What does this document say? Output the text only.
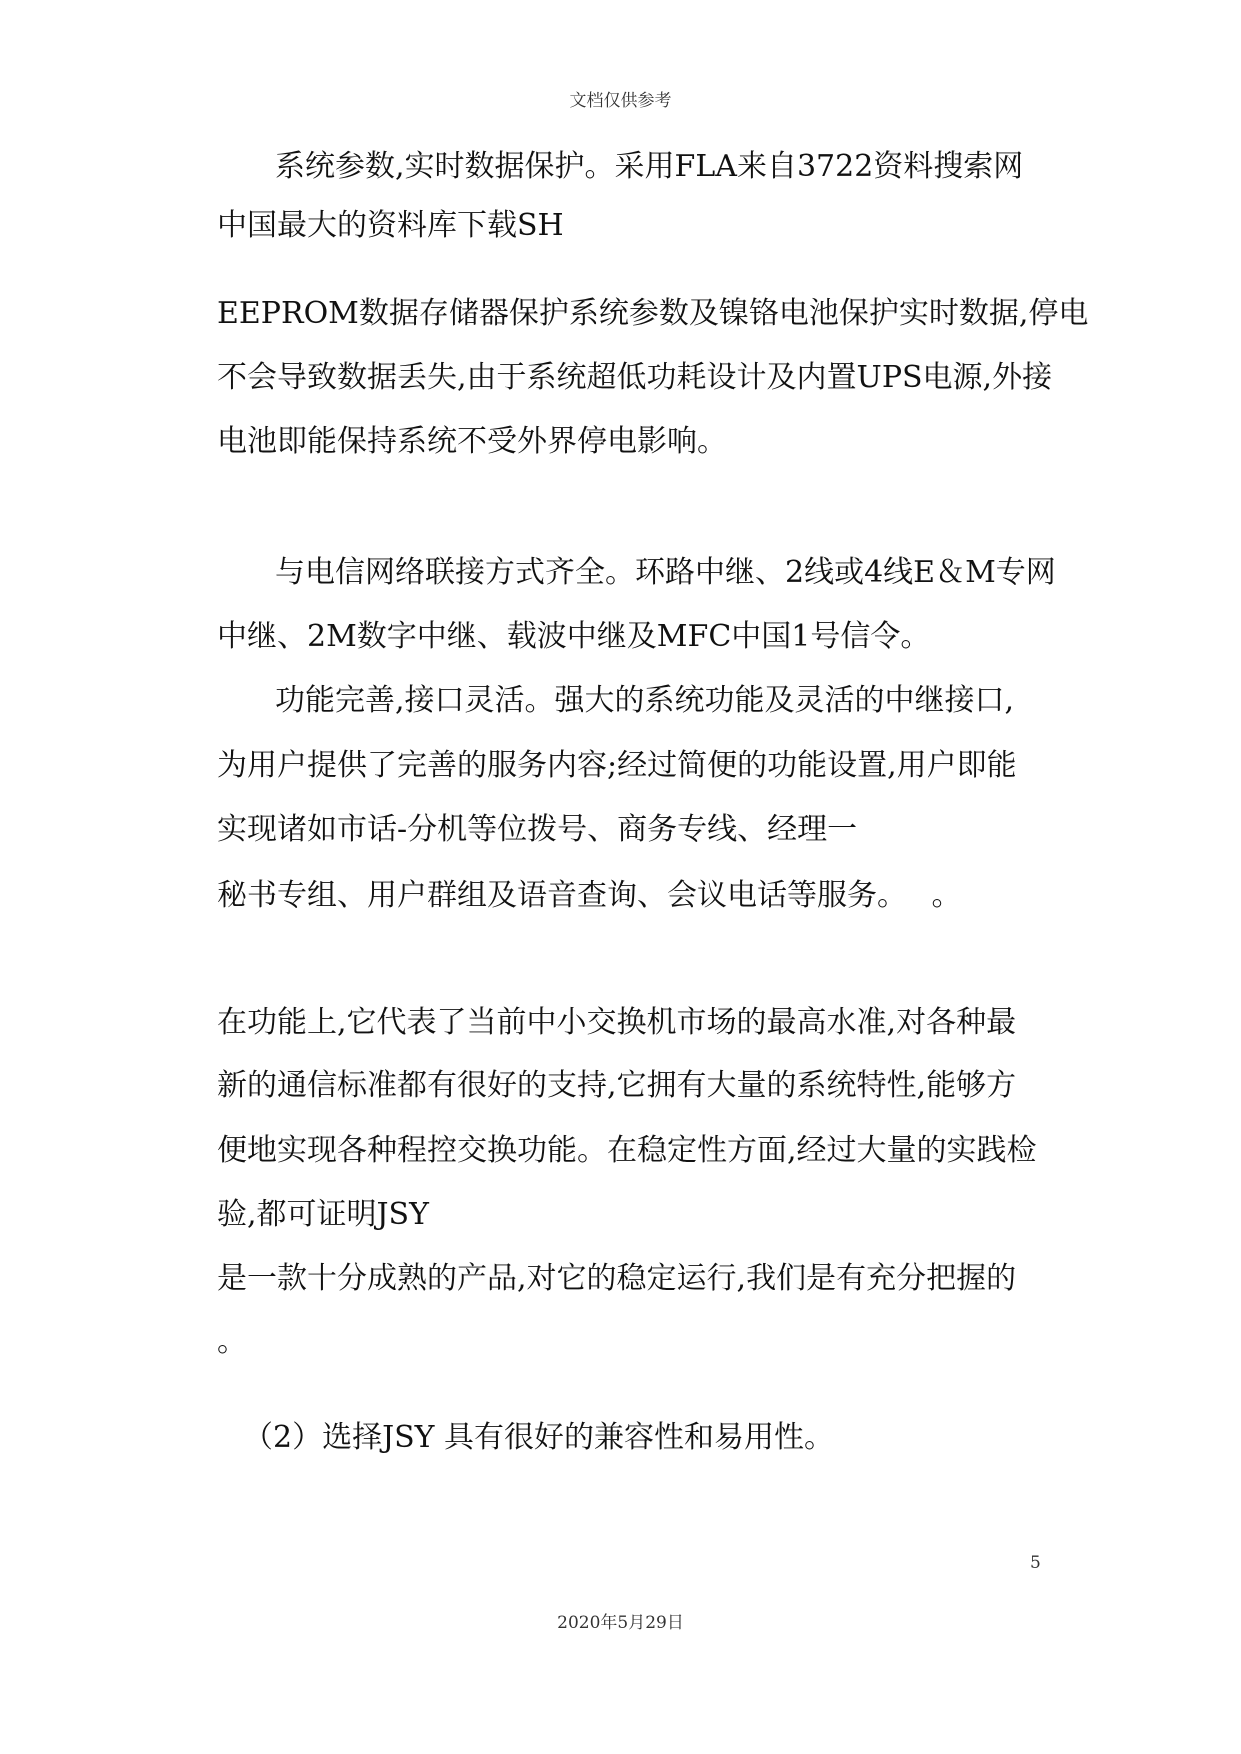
文档仅供参考
系统参数,实时数据保护。采用FLA来自3722资料搜索网
中国最大的资料库下载SH
EEPROM数据存储器保护系统参数及镍铬电池保护实时数据,停电
不会导致数据丢失,由于系统超低功耗设计及内置UPS电源,外接
电池即能保持系统不受外界停电影响。
与电信网络联接方式齐全。环路中继、2线或4线E＆M专网
中继、2M数字中继、载波中继及MFC中国1号信令。
功能完善,接口灵活。强大的系统功能及灵活的中继接口,
为用户提供了完善的服务内容;经过简便的功能设置,用户即能
实现诸如市话-分机等位拨号、商务专线、经理一
秘书专组、用户群组及语音查询、会议电话等服务。　 。
在功能上,它代表了当前中小交换机市场的最高水准,对各种最
新的通信标准都有很好的支持,它拥有大量的系统特性,能够方
便地实现各种程控交换功能。在稳定性方面,经过大量的实践检
验,都可证明JSY
是一款十分成熟的产品,对它的稳定运行,我们是有充分把握的
。
（2）选择JSY 具有很好的兼容性和易用性。
5
2020年5月29日
